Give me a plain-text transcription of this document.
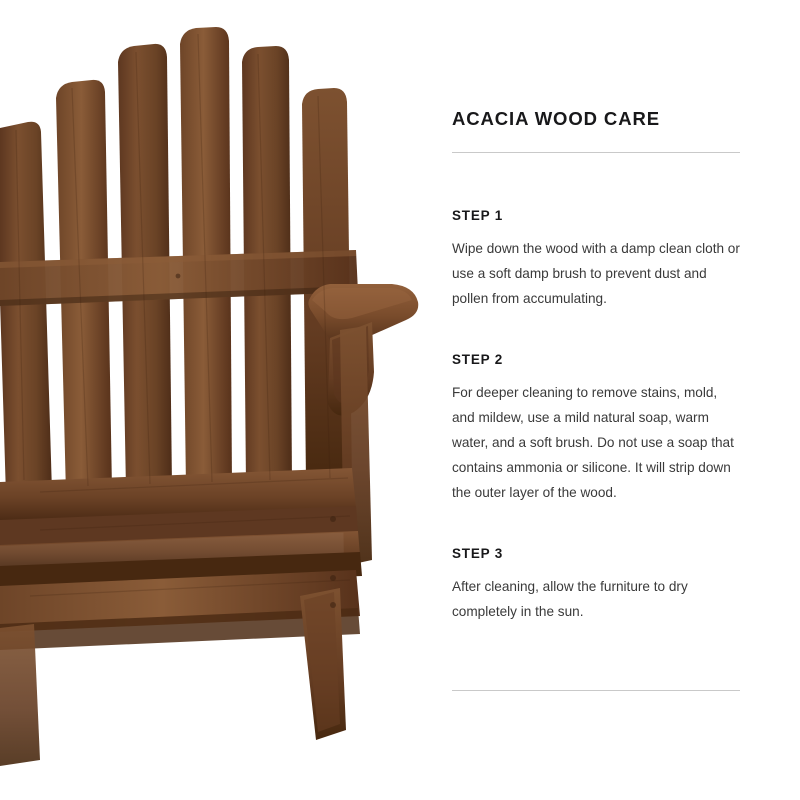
ACACIA WOOD CARE

STEP 1

Wipe down the wood with a damp clean cloth or use a soft damp brush to prevent dust and pollen from accumulating.

STEP 2

For deeper cleaning to remove stains, mold, and mildew, use a mild natural soap, warm water, and a soft brush. Do not use a soap that contains ammonia or silicone. It will strip down the outer layer of the wood.

STEP 3

After cleaning, allow the furniture to dry completely in the sun.
